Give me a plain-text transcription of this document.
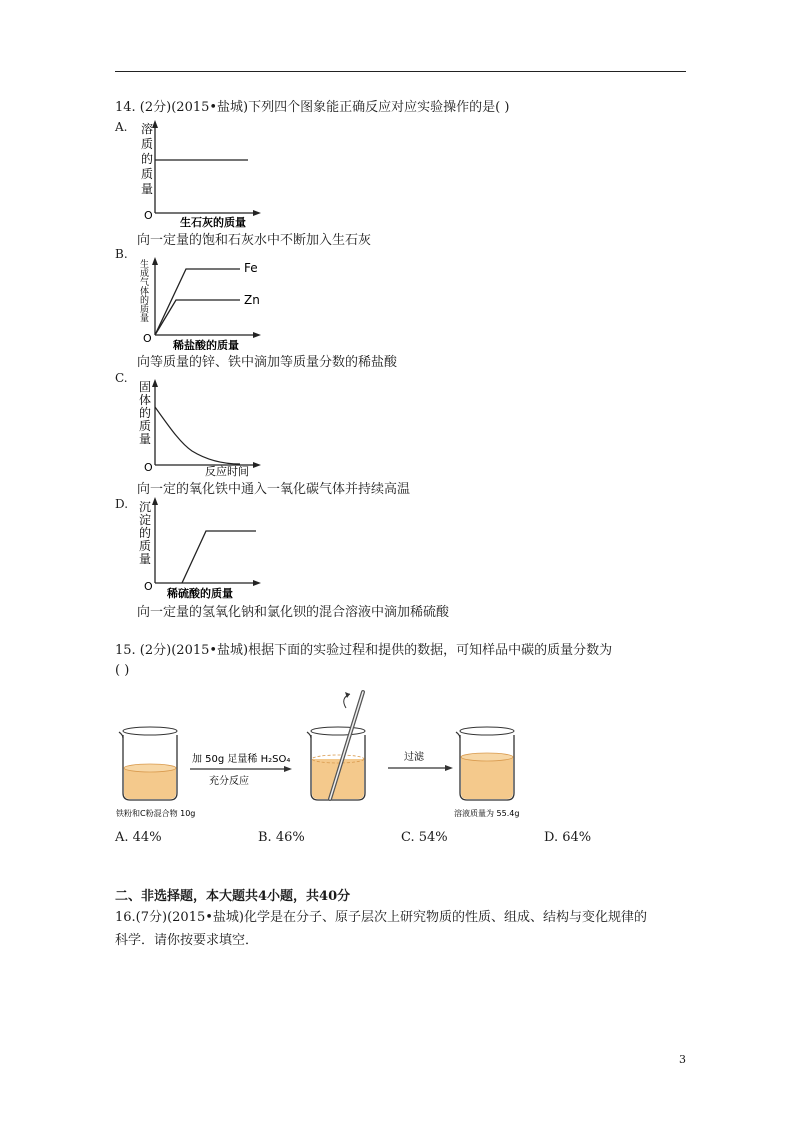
14. (2分)(2015•盐城)下列四个图象能正确反应对应实验操作的是( )
A. 溶
质
的
质
量
O
生石灰的质量
向一定量的饱和石灰水中不断加入生石灰
B.
生
成
气
体
的
质
量
Fe
Zn
O
稀盐酸的质量
向等质量的锌、铁中滴加等质量分数的稀盐酸
C.
固
体
的
质
量
O	反应时间
向一定的氧化铁中通入一氧化碳气体并持续高温
D. 沉
淀
的
质
量
O
稀硫酸的质量
向一定量的氢氧化钠和氯化钡的混合溶液中滴加稀硫酸
15. (2分)(2015•盐城)根据下面的实验过程和提供的数据，可知样品中碳的质量分数为
( )
铁粉和C粉混合物 10g
加 50g 足量稀 H₂SO₄
充分反应
过滤
溶液质量为 55.4g
A. 44%	B. 46%	C. 54%	D. 64%
二、非选择题，本大题共4小题，共40分
16.(7分)(2015•盐城)化学是在分子、原子层次上研究物质的性质、组成、结构与变化规律的
科学．请你按要求填空．
3
